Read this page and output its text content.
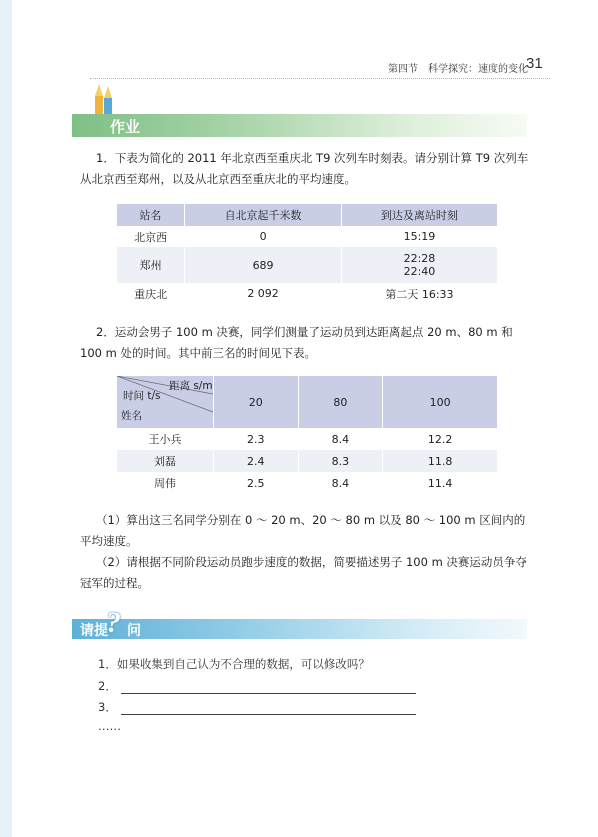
第四节　科学探究：速度的变化
31
作业
1．下表为简化的 2011 年北京西至重庆北 T9 次列车时刻表。请分别计算 T9 次列车从北京西至郑州，以及从北京西至重庆北的平均速度。
站名	自北京起千米数	到达及离站时刻
北京西	0	15:19
郑州	689	22:28
22:40

重庆北	2 092	第二天 16:33
2．运动会男子 100 m 决赛，同学们测量了运动员到达距离起点 20 m、80 m 和 100 m 处的时间。其中前三名的时间见下表。
距离 s/m
时间 t/s
姓名	20	80	100
王小兵	2.3	8.4	12.2
刘磊	2.4	8.3	11.8
周伟	2.5	8.4	11.4
（1）算出这三名同学分别在 0 ～ 20 m、20 ～ 80 m 以及 80 ～ 100 m 区间内的平均速度。
（2）请根据不同阶段运动员跑步速度的数据，简要描述男子 100 m 决赛运动员争夺冠军的过程。
请提
? 问
1．如果收集到自己认为不合理的数据，可以修改吗？
2．
3．
……
